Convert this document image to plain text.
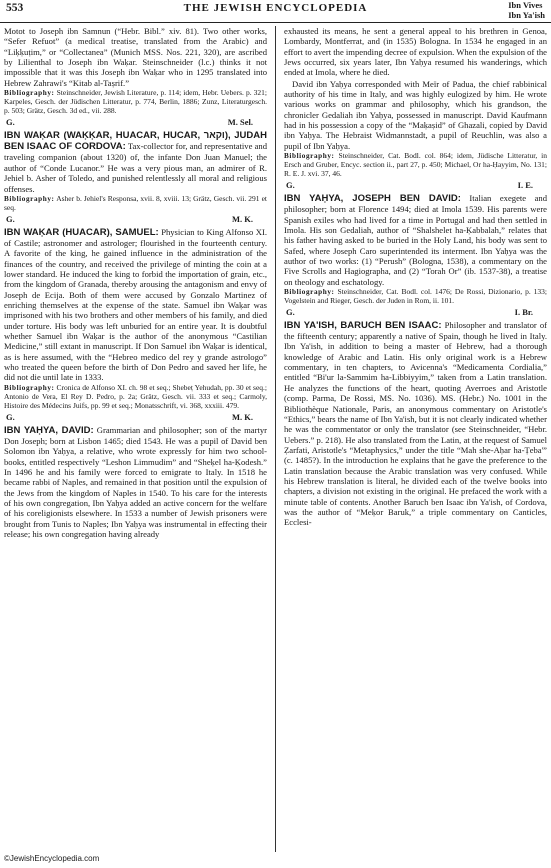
553	THE JEWISH ENCYCLOPEDIA	Ibn Vives
Ibn Ya'ish

Motot to Joseph ibn Samnun (“Hebr. Bibl.” xiv. 81). Two other works, “Sefer Refuot” (a medical treatise, translated from the Arabic) and “Liḳḳuṭim,” or “Collectanea” (Munich MSS. Nos. 221, 320), are ascribed by Lilienthal to Joseph ibn Waḳar. Steinschneider (l.c.) thinks it not impossible that it was this Joseph ibn Waḳar who in 1295 translated into Hebrew Zahrawi's “Kitab al-Taṣrif.”

Bibliography: Steinschneider, Jewish Literature, p. 114; idem, Hebr. Uebers. p. 321; Karpeles, Gesch. der Jüdischen Litteratur, p. 774, Berlin, 1886; Zunz, Literaturgesch. p. 503; Grätz, Gesch. 3d ed., vii. 288.

G.	M. Sel.

IBN WAḲAR (WAḲḲAR, HUACAR, HUCAR, וקאר), JUDAH BEN ISAAC OF CORDOVA: Tax-collector for, and representative and traveling companion (about 1320) of, the infante Don Juan Manuel; the author of “Conde Lucanor.” He was a very pious man, an admirer of R. Jehiel b. Asher of Toledo, and punished relentlessly all moral and religious offenses.

Bibliography: Asher b. Jehiel's Responsa, xvii. 8, xviii. 13; Grätz, Gesch. vii. 291 et seq.

G.	M. K.

IBN WAḲAR (HUACAR), SAMUEL: Physician to King Alfonso XI. of Castile; astronomer and astrologer; flourished in the fourteenth century. A favorite of the king, he gained influence in the administration of the finances of the country, and received the privilege of minting the coin at a lower standard. He induced the king to forbid the importation of grain, etc., from the kingdom of Granada, thereby arousing the antagonism and envy of Joseph de Ecija. Both of them were accused by Gonzalo Martinez of enriching themselves at the expense of the state. Samuel ibn Waḳar was imprisoned with his two brothers and other members of his family, and died under torture. His body was left unburied for an entire year. It is doubtful whether Samuel ibn Waḳar is the author of the anonymous “Castilian Medicine,” still extant in manuscript. If Don Samuel ibn Waḳar is identical, as is here assumed, with the “Hebreo medico del rey y grande astrologo” who treated the queen before the birth of Don Pedro and saved her life, he did not die until late in 1333.

Bibliography: Cronica de Alfonso XI. ch. 98 et seq.; Shebeṭ Yehudah, pp. 30 et seq.; Antonio de Vera, El Rey D. Pedro, p. 2a; Grätz, Gesch. vii. 333 et seq.; Carmoly, Histoire des Médecins Juifs, pp. 99 et seq.; Monatsschrift, vi. 368, xxxiii. 479.

G.	M. K.

IBN YAḤYA, DAVID: Grammarian and philosopher; son of the martyr Don Joseph; born at Lisbon 1465; died 1543. He was a pupil of David ben Solomon ibn Yaḥya, a relative, who wrote expressly for him two school-books, entitled respectively “Leshon Limmudim” and “Sheḳel ha-Ḳodesh.” In 1496 he and his family were forced to emigrate to Italy. In 1518 he became rabbi of Naples, and remained in that position until the expulsion of the Jews from the kingdom of Naples in 1540. To his care for the interests of his own congregation, Ibn Yaḥya added an active concern for the welfare of his coreligionists elsewhere. In 1533 a number of Jewish prisoners were brought from Tunis to Naples; Ibn Yaḥya was instrumental in effecting their release; his own congregation having already

exhausted its means, he sent a general appeal to his brethren in Genoa, Lombardy, Montferrat, and (in 1535) Bologna. In 1534 he engaged in an effort to avert the impending decree of expulsion. When the expulsion of the Jews occurred, six years later, Ibn Yaḥya resumed his wanderings, which ended at Imola, where he died.

David ibn Yaḥya corresponded with Meïr of Padua, the chief rabbinical authority of his time in Italy, and was highly eulogized by him. He wrote various works on grammar and philosophy, which his grandson, the chronicler Gedaliah ibn Yaḥya, possessed in manuscript. David Kaufmann had in his possession a copy of the “Maḳaṣid” of Ghazali, copied by David ibn Yaḥya. The Hebraist Widmannstadt, a pupil of Reuchlin, was also a pupil of Ibn Yaḥya.

Bibliography: Steinschneider, Cat. Bodl. col. 864; idem, Jüdische Litteratur, in Ersch and Gruber, Encyc. section ii., part 27, p. 450; Michael, Or ha-Ḥayyim, No. 131; R. E. J. xvi. 37, 46.

G.	I. E.

IBN YAḤYA, JOSEPH BEN DAVID: Italian exegete and philosopher; born at Florence 1494; died at Imola 1539. His parents were Spanish exiles who had lived for a time in Portugal and had then settled in Imola. His son Gedaliah, author of “Shalshelet ha-Ḳabbalah,” relates that his father having asked to be buried in the Holy Land, his body was sent to Safed, where Joseph Caro superintended its interment. Ibn Yaḥya was the author of two works: (1) “Perush” (Bologna, 1538), a commentary on the Five Scrolls and Hagiographa, and (2) “Torah Or” (ib. 1537-38), a treatise on theology and eschatology.

Bibliography: Steinschneider, Cat. Bodl. col. 1476; De Rossi, Dizionario, p. 133; Vogelstein and Rieger, Gesch. der Juden in Rom, ii. 101.

G.	I. Br.

IBN YA'ISH, BARUCH BEN ISAAC: Philosopher and translator of the fifteenth century; apparently a native of Spain, though he lived in Italy. Ibn Ya'ish, in addition to being a master of Hebrew, had a thorough knowledge of Arabic and Latin. His only original work is a Hebrew commentary, in ten chapters, to Avicenna's “Medicamenta Cordialia,” entitled “Bi'ur la-Sammim ha-Libbiyyim,” taken from a Latin translation. He analyzes the functions of the heart, quoting Averroes and Aristotle (comp. Parma, De Rossi, MS. No. 1036). MS. (Hebr.) No. 1001 in the Bibliothèque Nationale, Paris, an anonymous commentary on Aristotle's “Ethics,” bears the name of Ibn Ya'ish, but it is not clearly indicated whether he was the commentator or only the translator (see Steinschneider, “Hebr. Uebers.” p. 218). He also translated from the Latin, at the request of Samuel Ẓarfati, Aristotle's “Metaphysics,” under the title “Mah she-Aḥar ha-Ṭeba'” (c. 1485?). In the introduction he explains that he gave the preference to the Latin translation because the Arabic translation was very confused. While his Hebrew translation is literal, he divided each of the twelve books into chapters, a division not existing in the original. He prefaced the work with a minute table of contents. Another Baruch ben Isaac ibn Ya'ish, of Cordova, was the author of “Meḳor Baruk,” a triple commentary on Canticles, Ecclesi-

©JewishEncyclopedia.com
